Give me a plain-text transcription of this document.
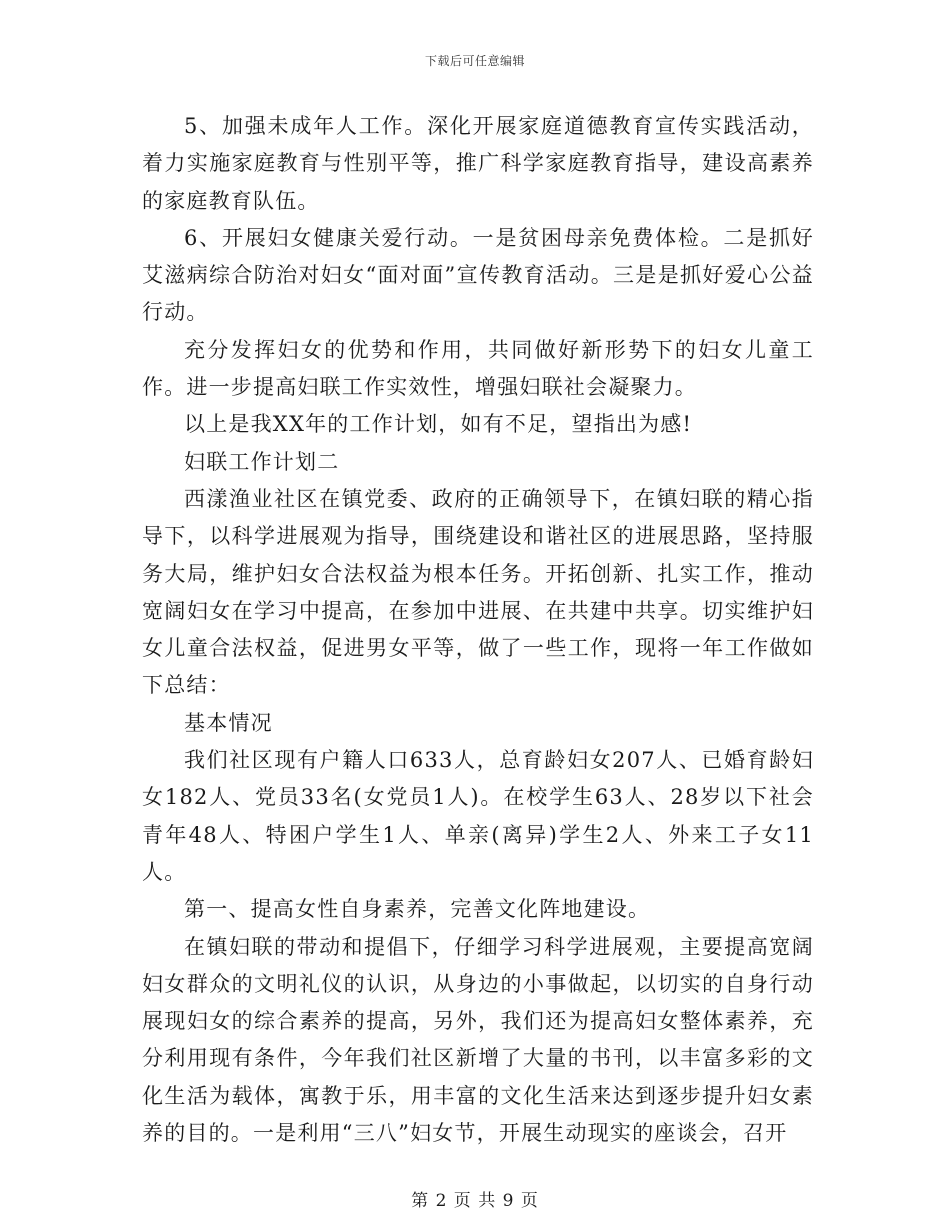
下载后可任意编辑

5、加强未成年人工作。深化开展家庭道德教育宣传实践活动，着力实施家庭教育与性别平等，推广科学家庭教育指导，建设高素养的家庭教育队伍。

6、开展妇女健康关爱行动。一是贫困母亲免费体检。二是抓好艾滋病综合防治对妇女“面对面”宣传教育活动。三是是抓好爱心公益行动。

充分发挥妇女的优势和作用，共同做好新形势下的妇女儿童工作。进一步提高妇联工作实效性，增强妇联社会凝聚力。

以上是我XX年的工作计划，如有不足，望指出为感!

妇联工作计划二

西漾渔业社区在镇党委、政府的正确领导下，在镇妇联的精心指导下，以科学进展观为指导，围绕建设和谐社区的进展思路，坚持服务大局，维护妇女合法权益为根本任务。开拓创新、扎实工作，推动宽阔妇女在学习中提高，在参加中进展、在共建中共享。切实维护妇女儿童合法权益，促进男女平等，做了一些工作，现将一年工作做如下总结：

基本情况

我们社区现有户籍人口633人，总育龄妇女207人、已婚育龄妇女182人、党员33名(女党员1人)。在校学生63人、28岁以下社会青年48人、特困户学生1人、单亲(离异)学生2人、外来工子女11人。

第一、提高女性自身素养，完善文化阵地建设。

在镇妇联的带动和提倡下，仔细学习科学进展观，主要提高宽阔妇女群众的文明礼仪的认识，从身边的小事做起，以切实的自身行动展现妇女的综合素养的提高，另外，我们还为提高妇女整体素养，充分利用现有条件，今年我们社区新增了大量的书刊，以丰富多彩的文化生活为载体，寓教于乐，用丰富的文化生活来达到逐步提升妇女素养的目的。一是利用“三八”妇女节，开展生动现实的座谈会，召开

第 2 页 共 9 页
